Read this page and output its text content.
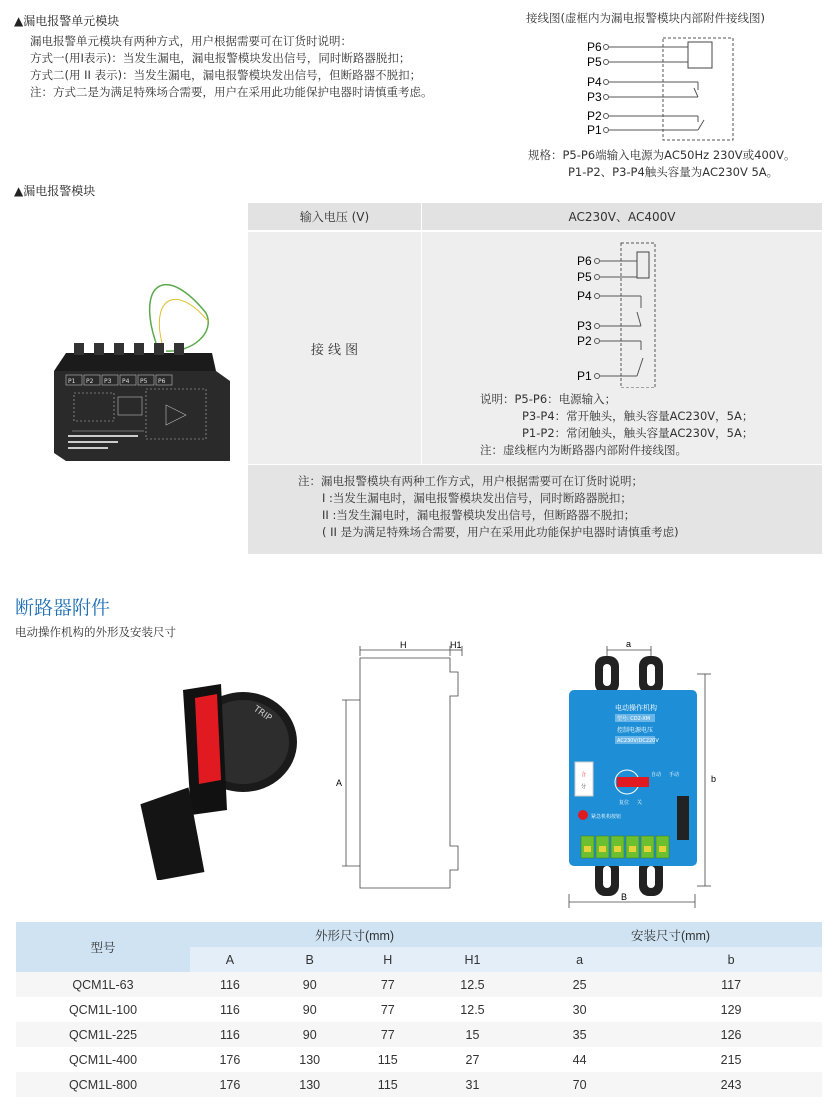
▲漏电报警单元模块
漏电报警单元模块有两种方式，用户根据需要可在订货时说明：
方式一(用I表示)：当发生漏电，漏电报警模块发出信号，同时断路器脱扣；
方式二(用 II 表示)：当发生漏电，漏电报警模块发出信号，但断路器不脱扣；
注：方式二是为满足特殊场合需要，用户在采用此功能保护电器时请慎重考虑。
接线图(虚框内为漏电报警模块内部附件接线图)
P6
P5
P4
P3
P2
P1
规格：P5-P6端输入电源为AC50Hz 230V或400V。
P1-P2、P3-P4触头容量为AC230V 5A。
▲漏电报警模块
P1 P2 P3 P4 P5 P6
输入电压 (V)	AC230V、AC400V
接 线 图
P6
P5
P4
P3
P2
P1
说明：P5-P6：电源输入；
P3-P4：常开触头，触头容量AC230V，5A；
P1-P2：常闭触头，触头容量AC230V，5A；
注：虚线框内为断路器内部附件接线图。
注：漏电报警模块有两种工作方式，用户根据需要可在订货时说明；
I :当发生漏电时，漏电报警模块发出信号，同时断路器脱扣；
II :当发生漏电时，漏电报警模块发出信号，但断路器不脱扣；
( II 是为满足特殊场合需要，用户在采用此功能保护电器时请慎重考虑)
断路器附件
电动操作机构的外形及安装尺寸
TRIP
H	H1
A
电动操作机构
型号: CD2-XM
控制电源电压
AC230V/DC220V
合
分
自动 手动
复位 关
紧急机构按钮
a
b
B
型号	外形尺寸(mm)				安装尺寸(mm)	
	A	B	H	H1	a	b
QCM1L-63	116	90	77	12.5	25	117
QCM1L-100	116	90	77	12.5	30	129
QCM1L-225	116	90	77	15	35	126
QCM1L-400	176	130	115	27	44	215
QCM1L-800	176	130	115	31	70	243
